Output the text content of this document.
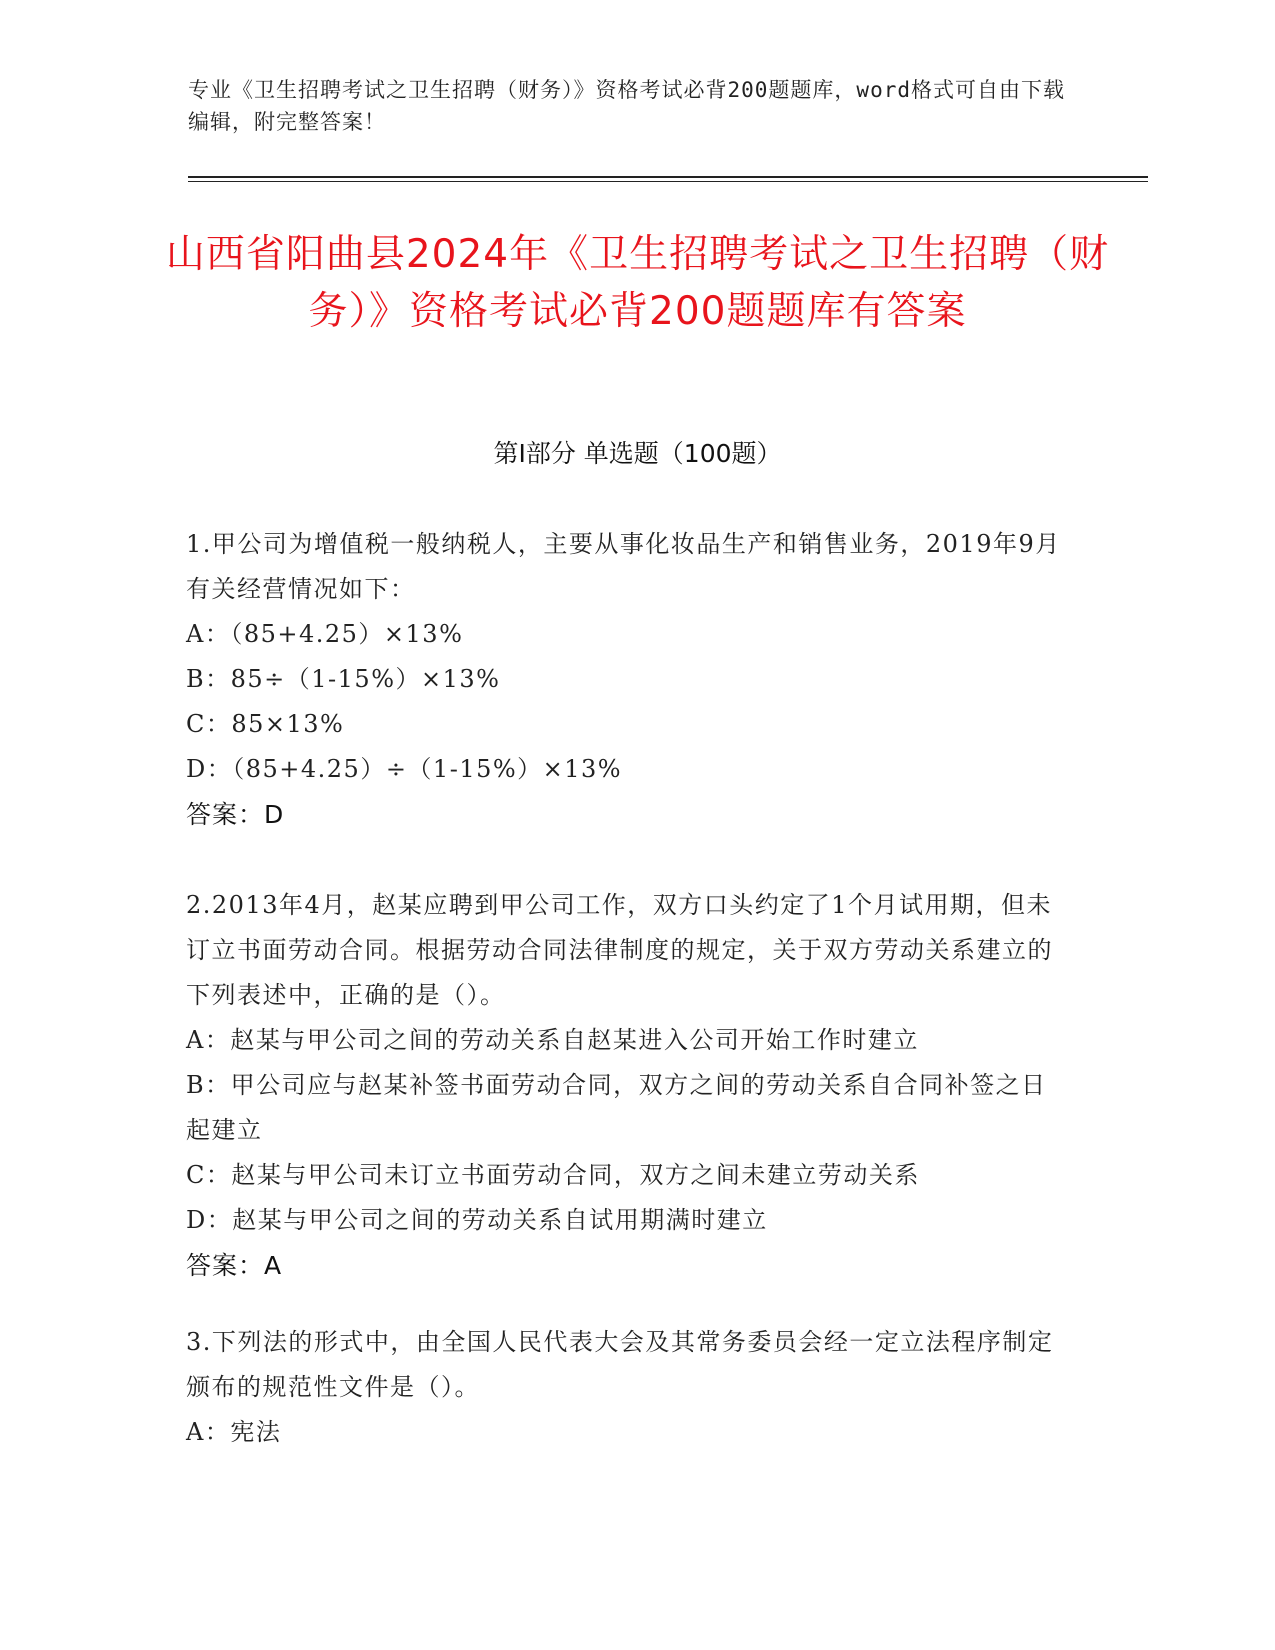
专业《卫生招聘考试之卫生招聘（财务）》资格考试必背200题题库，word格式可自由下载编辑，附完整答案！
山西省阳曲县2024年《卫生招聘考试之卫生招聘（财务）》资格考试必背200题题库有答案
第I部分 单选题（100题）
1.甲公司为增值税一般纳税人，主要从事化妆品生产和销售业务，2019年9月有关经营情况如下：
A：（85+4.25）×13%
B：85÷（1-15%）×13%
C：85×13%
D：（85+4.25）÷（1-15%）×13%
答案：D
2.2013年4月，赵某应聘到甲公司工作，双方口头约定了1个月试用期，但未订立书面劳动合同。根据劳动合同法律制度的规定，关于双方劳动关系建立的下列表述中，正确的是（）。
A：赵某与甲公司之间的劳动关系自赵某进入公司开始工作时建立
B：甲公司应与赵某补签书面劳动合同，双方之间的劳动关系自合同补签之日起建立
C：赵某与甲公司未订立书面劳动合同，双方之间未建立劳动关系
D：赵某与甲公司之间的劳动关系自试用期满时建立
答案：A
3.下列法的形式中，由全国人民代表大会及其常务委员会经一定立法程序制定颁布的规范性文件是（）。
A：宪法
